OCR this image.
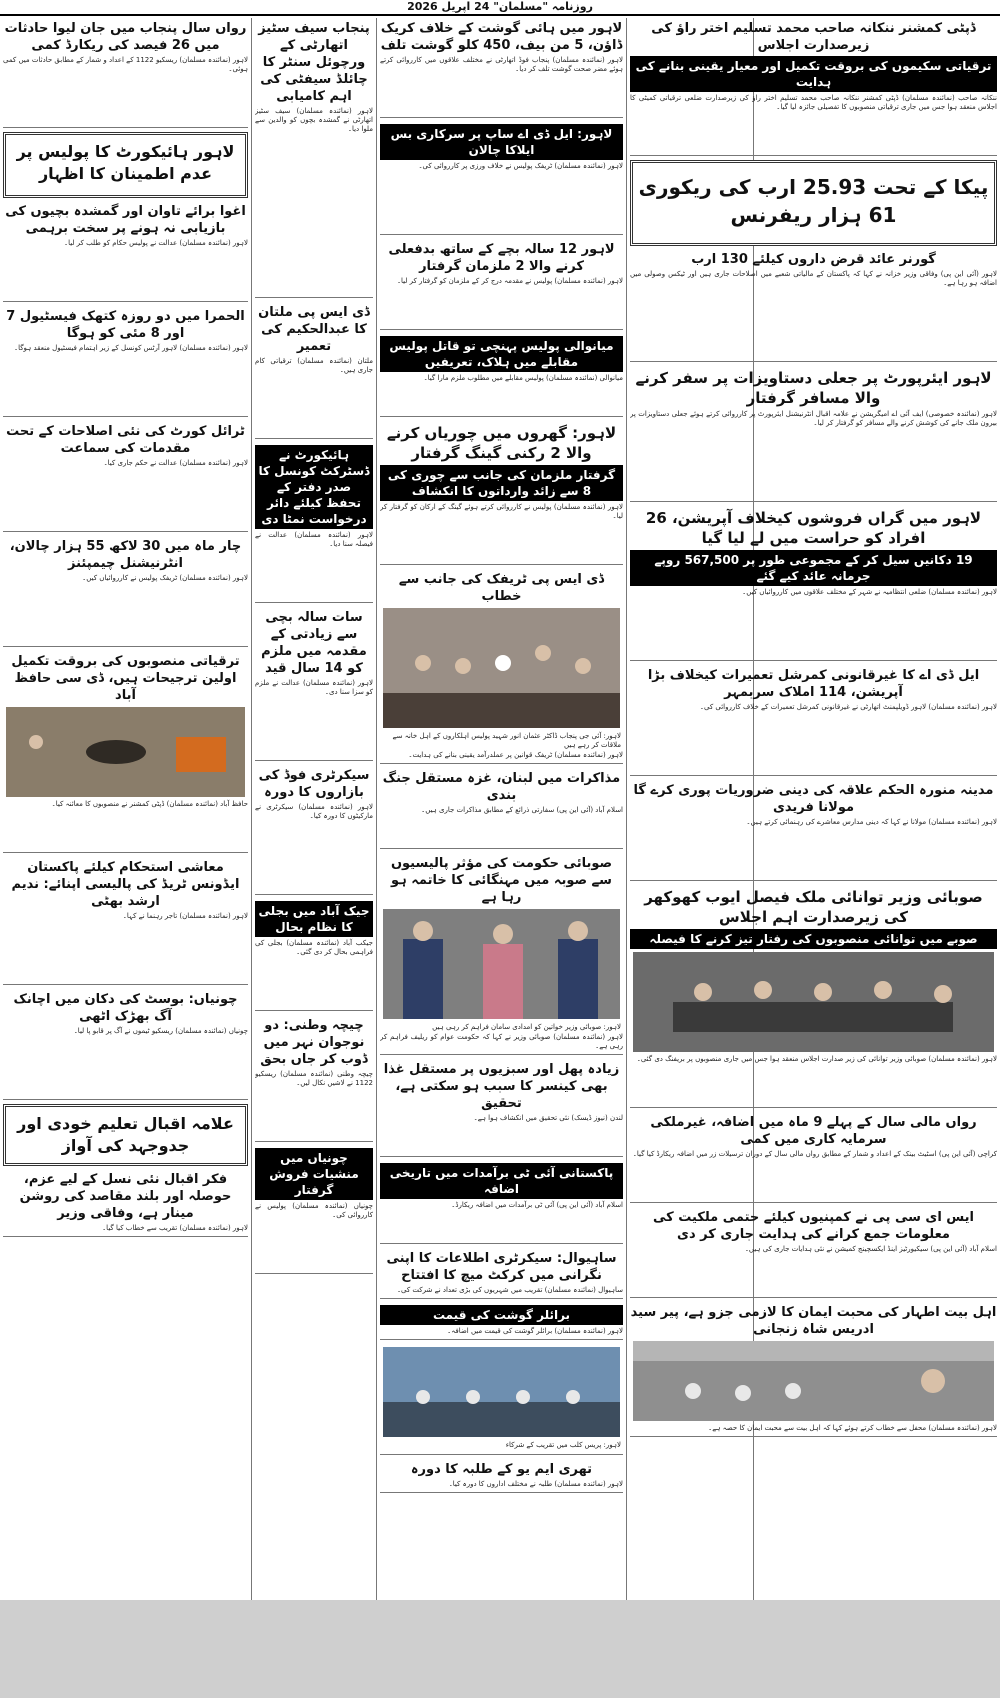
روزنامہ "مسلمان" 24 اپریل 2026
ڈپٹی کمشنر ننکانہ صاحب محمد تسلیم اختر راؤ کی زیرصدارت اجلاس
ترقیاتی سکیموں کی بروقت تکمیل اور معیار یقینی بنانے کی ہدایت
ننکانہ صاحب (نمائندہ مسلمان) ڈپٹی کمشنر ننکانہ صاحب محمد تسلیم اختر راؤ کی زیرصدارت ضلعی ترقیاتی کمیٹی کا اجلاس منعقد ہوا جس میں جاری ترقیاتی منصوبوں کا تفصیلی جائزہ لیا گیا۔
پیکا کے تحت 25.93 ارب کی ریکوری 61 ہزار ریفرنس
گورنر عائد قرض داروں کیلئے 130 ارب
لاہور (آئی این پی) وفاقی وزیر خزانہ نے کہا کہ پاکستان کے مالیاتی شعبے میں اصلاحات جاری ہیں اور ٹیکس وصولی میں اضافہ ہو رہا ہے۔
لاہور ایئرپورٹ پر جعلی دستاویزات پر سفر کرنے والا مسافر گرفتار
لاہور (نمائندہ خصوصی) ایف آئی اے امیگریشن نے علامہ اقبال انٹرنیشنل ایئرپورٹ پر کارروائی کرتے ہوئے جعلی دستاویزات پر بیرون ملک جانے کی کوشش کرنے والے مسافر کو گرفتار کر لیا۔
لاہور میں گراں فروشوں کیخلاف آپریشن، 26 افراد کو حراست میں لے لیا گیا
19 دکانیں سیل کر کے مجموعی طور پر 567,500 روپے جرمانہ عائد کیے گئے
لاہور (نمائندہ مسلمان) ضلعی انتظامیہ نے شہر کے مختلف علاقوں میں کارروائیاں کیں۔
ایل ڈی اے کا غیرقانونی کمرشل تعمیرات کیخلاف بڑا آپریشن، 114 املاک سربمہر
لاہور (نمائندہ مسلمان) لاہور ڈویلپمنٹ اتھارٹی نے غیرقانونی کمرشل تعمیرات کے خلاف کارروائی کی۔
مدینہ منورہ الحکم علاقہ کی دینی ضروریات پوری کرے گا مولانا فریدی
لاہور (نمائندہ مسلمان) مولانا نے کہا کہ دینی مدارس معاشرے کی رہنمائی کرتے ہیں۔
صوبائی وزیر توانائی ملک فیصل ایوب کھوکھر کی زیرصدارت اہم اجلاس
صوبے میں توانائی منصوبوں کی رفتار تیز کرنے کا فیصلہ
لاہور (نمائندہ مسلمان) صوبائی وزیر توانائی کی زیر صدارت اجلاس منعقد ہوا جس میں جاری منصوبوں پر بریفنگ دی گئی۔
رواں مالی سال کے پہلے 9 ماہ میں اضافہ، غیرملکی سرمایہ کاری میں کمی
کراچی (آئی این پی) اسٹیٹ بینک کے اعداد و شمار کے مطابق رواں مالی سال کے دوران ترسیلات زر میں اضافہ ریکارڈ کیا گیا۔
ایس ای سی پی نے کمپنیوں کیلئے حتمی ملکیت کی معلومات جمع کرانے کی ہدایت جاری کر دی
اسلام آباد (آئی این پی) سیکیورٹیز اینڈ ایکسچینج کمیشن نے نئی ہدایات جاری کی ہیں۔
اہل بیت اطہار کی محبت ایمان کا لازمی جزو ہے، پیر سید ادریس شاہ زنجانی
لاہور (نمائندہ مسلمان) محفل سے خطاب کرتے ہوئے کہا کہ اہل بیت سے محبت ایمان کا حصہ ہے۔
لاہور میں ہائی گوشت کے خلاف کریک ڈاؤن، 5 من بیف، 450 کلو گوشت تلف
لاہور (نمائندہ مسلمان) پنجاب فوڈ اتھارٹی نے مختلف علاقوں میں کارروائی کرتے ہوئے مضر صحت گوشت تلف کر دیا۔
لاہور: ایل ڈی اے ساپ پر سرکاری بس ایلاکا چالان
لاہور (نمائندہ مسلمان) ٹریفک پولیس نے خلاف ورزی پر کارروائی کی۔
لاہور 12 سالہ بچے کے ساتھ بدفعلی کرنے والا 2 ملزمان گرفتار
لاہور (نمائندہ مسلمان) پولیس نے مقدمہ درج کر کے ملزمان کو گرفتار کر لیا۔
میانوالی پولیس پہنچی تو قاتل پولیس مقابلے میں ہلاک، تعریفیں
میانوالی (نمائندہ مسلمان) پولیس مقابلے میں مطلوب ملزم مارا گیا۔
لاہور: گھروں میں چوریاں کرنے والا 2 رکنی گینگ گرفتار
گرفتار ملزمان کی جانب سے چوری کی 8 سے زائد وارداتوں کا انکشاف
لاہور (نمائندہ مسلمان) پولیس نے کارروائی کرتے ہوئے گینگ کے ارکان کو گرفتار کر لیا۔
ڈی ایس پی ٹریفک کی جانب سے خطاب
لاہور: آئی جی پنجاب ڈاکٹر عثمان انور شہید پولیس اہلکاروں کے اہل خانہ سے ملاقات کر رہے ہیں
لاہور (نمائندہ مسلمان) ٹریفک قوانین پر عملدرآمد یقینی بنانے کی ہدایت۔
مذاکرات میں لبنان، غزہ مستقل جنگ بندی
اسلام آباد (آئی این پی) سفارتی ذرائع کے مطابق مذاکرات جاری ہیں۔
صوبائی حکومت کی مؤثر پالیسیوں سے صوبہ میں مہنگائی کا خاتمہ ہو رہا ہے
لاہور: صوبائی وزیر خواتین کو امدادی سامان فراہم کر رہی ہیں
لاہور (نمائندہ مسلمان) صوبائی وزیر نے کہا کہ حکومت عوام کو ریلیف فراہم کر رہی ہے۔
زیادہ پھل اور سبزیوں پر مستقل غذا بھی کینسر کا سبب ہو سکتی ہے، تحقیق
لندن (نیوز ڈیسک) نئی تحقیق میں انکشاف ہوا ہے۔
پاکستانی آئی ٹی برآمدات میں تاریخی اضافہ
اسلام آباد (آئی این پی) آئی ٹی برآمدات میں اضافہ ریکارڈ۔
ساہیوال: سیکرٹری اطلاعات کا اپنی نگرانی میں کرکٹ میچ کا افتتاح
ساہیوال (نمائندہ مسلمان) تقریب میں شہریوں کی بڑی تعداد نے شرکت کی۔
برائلر گوشت کی قیمت
لاہور (نمائندہ مسلمان) برائلر گوشت کی قیمت میں اضافہ۔
لاہور: پریس کلب میں تقریب کے شرکاء
تھری ایم یو کے طلبہ کا دورہ
لاہور (نمائندہ مسلمان) طلبہ نے مختلف اداروں کا دورہ کیا۔
پنجاب سیف سٹیز اتھارٹی کے ورچوئل سنٹر کا چائلڈ سیفٹی کی اہم کامیابی
لاہور (نمائندہ مسلمان) سیف سٹیز اتھارٹی نے گمشدہ بچوں کو والدین سے ملوا دیا۔
ڈی ایس پی ملتان کا عبدالحکیم کی تعمیر
ملتان (نمائندہ مسلمان) ترقیاتی کام جاری ہیں۔
ہائیکورٹ نے ڈسٹرکٹ کونسل کا صدر دفتر کے تحفظ کیلئے دائر درخواست نمٹا دی
لاہور (نمائندہ مسلمان) عدالت نے فیصلہ سنا دیا۔
سات سالہ بچی سے زیادتی کے مقدمہ میں ملزم کو 14 سال قید
لاہور (نمائندہ مسلمان) عدالت نے ملزم کو سزا سنا دی۔
سیکرٹری فوڈ کی بازاروں کا دورہ
لاہور (نمائندہ مسلمان) سیکرٹری نے مارکیٹوں کا دورہ کیا۔
جیک آباد میں بجلی کا نظام بحال
جیکب آباد (نمائندہ مسلمان) بجلی کی فراہمی بحال کر دی گئی۔
چیچہ وطنی: دو نوجوان نہر میں ڈوب کر جاں بحق
چیچہ وطنی (نمائندہ مسلمان) ریسکیو 1122 نے لاشیں نکال لیں۔
چونیاں میں منشیات فروش گرفتار
چونیاں (نمائندہ مسلمان) پولیس نے کارروائی کی۔
رواں سال پنجاب میں جان لیوا حادثات میں 26 فیصد کی ریکارڈ کمی
لاہور (نمائندہ مسلمان) ریسکیو 1122 کے اعداد و شمار کے مطابق حادثات میں کمی ہوئی۔
لاہور ہائیکورٹ کا پولیس پر عدم اطمینان کا اظہار
اغوا برائے تاوان اور گمشدہ بچیوں کی بازیابی نہ ہونے پر سخت برہمی
لاہور (نمائندہ مسلمان) عدالت نے پولیس حکام کو طلب کر لیا۔
الحمرا میں دو روزہ کتھک فیسٹیول 7 اور 8 مئی کو ہوگا
لاہور (نمائندہ مسلمان) لاہور آرٹس کونسل کے زیر اہتمام فیسٹیول منعقد ہوگا۔
ٹرائل کورٹ کی نئی اصلاحات کے تحت مقدمات کی سماعت
لاہور (نمائندہ مسلمان) عدالت نے حکم جاری کیا۔
چار ماہ میں 30 لاکھ 55 ہزار چالان، انٹرنیشنل چیمپئنز
لاہور (نمائندہ مسلمان) ٹریفک پولیس نے کارروائیاں کیں۔
ترقیاتی منصوبوں کی بروقت تکمیل اولین ترجیحات ہیں، ڈی سی حافظ آباد
حافظ آباد (نمائندہ مسلمان) ڈپٹی کمشنر نے منصوبوں کا معائنہ کیا۔
معاشی استحکام کیلئے پاکستان ایڈونس ٹریڈ کی پالیسی اپنائے: ندیم ارشد بھٹی
لاہور (نمائندہ مسلمان) تاجر رہنما نے کہا۔
چونیاں: بوسٹ کی دکان میں اچانک آگ بھڑک اٹھی
چونیاں (نمائندہ مسلمان) ریسکیو ٹیموں نے آگ پر قابو پا لیا۔
علامہ اقبال تعلیم خودی اور جدوجہد کی آواز
فکر اقبال نئی نسل کے لیے عزم، حوصلہ اور بلند مقاصد کی روشن مینار ہے، وفاقی وزیر
لاہور (نمائندہ مسلمان) تقریب سے خطاب کیا گیا۔
